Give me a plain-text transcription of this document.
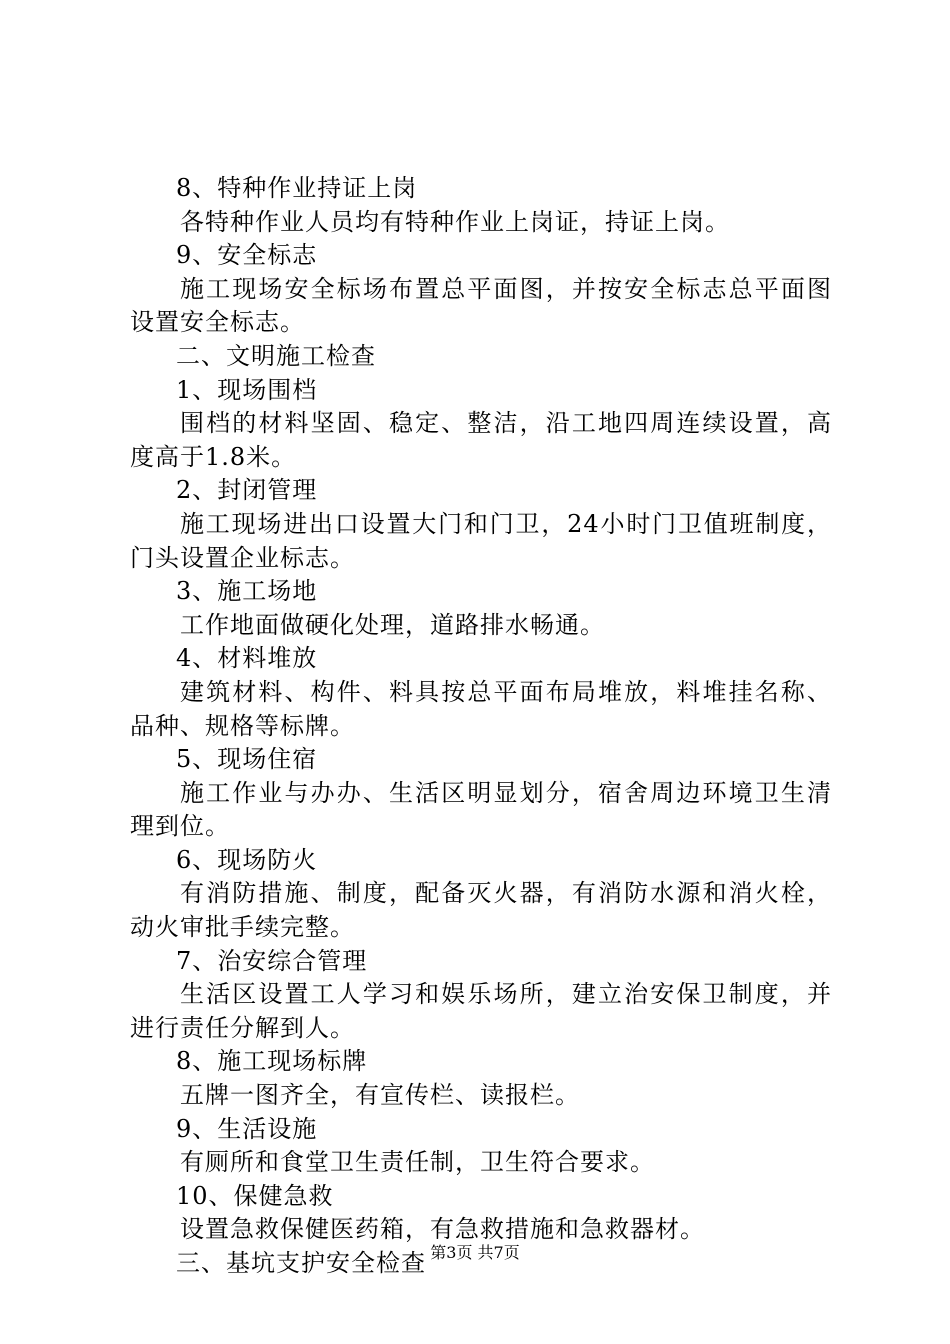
8、特种作业持证上岗
各特种作业人员均有特种作业上岗证，持证上岗。
9、安全标志
施工现场安全标场布置总平面图，并按安全标志总平面图
设置安全标志。
二、文明施工检查
1、现场围档
围档的材料坚固、稳定、整洁，沿工地四周连续设置，高
度高于1.8米。
2、封闭管理
施工现场进出口设置大门和门卫，24小时门卫值班制度，
门头设置企业标志。
3、施工场地
工作地面做硬化处理，道路排水畅通。
4、材料堆放
建筑材料、构件、料具按总平面布局堆放，料堆挂名称、
品种、规格等标牌。
5、现场住宿
施工作业与办办、生活区明显划分，宿舍周边环境卫生清
理到位。
6、现场防火
有消防措施、制度，配备灭火器，有消防水源和消火栓，
动火审批手续完整。
7、治安综合管理
生活区设置工人学习和娱乐场所，建立治安保卫制度，并
进行责任分解到人。
8、施工现场标牌
五牌一图齐全，有宣传栏、读报栏。
9、生活设施
有厕所和食堂卫生责任制，卫生符合要求。
10、保健急救
设置急救保健医药箱，有急救措施和急救器材。
三、基坑支护安全检查 第3页 共7页
